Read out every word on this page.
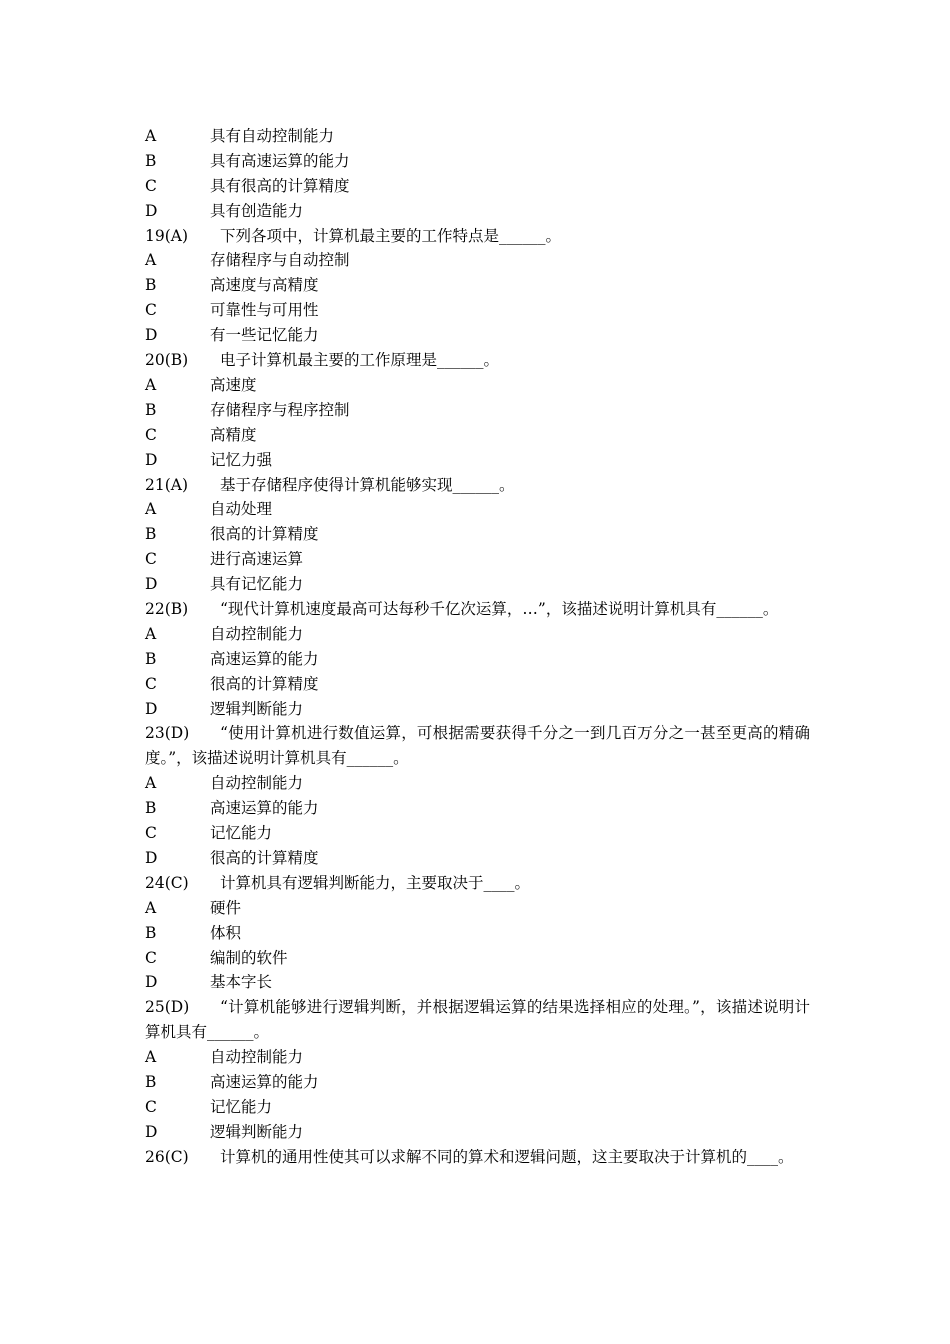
A	具有自动控制能力
B	具有高速运算的能力
C	具有很高的计算精度
D	具有创造能力
19(A) 下列各项中，计算机最主要的工作特点是______。
A	存储程序与自动控制
B	高速度与高精度
C	可靠性与可用性
D	有一些记忆能力
20(B) 电子计算机最主要的工作原理是______。
A	高速度
B	存储程序与程序控制
C	高精度
D	记忆力强
21(A) 基于存储程序使得计算机能够实现______。
A	自动处理
B	很高的计算精度
C	进行高速运算
D	具有记忆能力
22(B) “现代计算机速度最高可达每秒千亿次运算，…”，该描述说明计算机具有______。
A	自动控制能力
B	高速运算的能力
C	很高的计算精度
D	逻辑判断能力
23(D) “使用计算机进行数值运算，可根据需要获得千分之一到几百万分之一甚至更高的精确度。”，该描述说明计算机具有______。
A	自动控制能力
B	高速运算的能力
C	记忆能力
D	很高的计算精度
24(C) 计算机具有逻辑判断能力，主要取决于____。
A	硬件
B	体积
C	编制的软件
D	基本字长
25(D) “计算机能够进行逻辑判断，并根据逻辑运算的结果选择相应的处理。”，该描述说明计算机具有______。
A	自动控制能力
B	高速运算的能力
C	记忆能力
D	逻辑判断能力
26(C) 计算机的通用性使其可以求解不同的算术和逻辑问题，这主要取决于计算机的____。
